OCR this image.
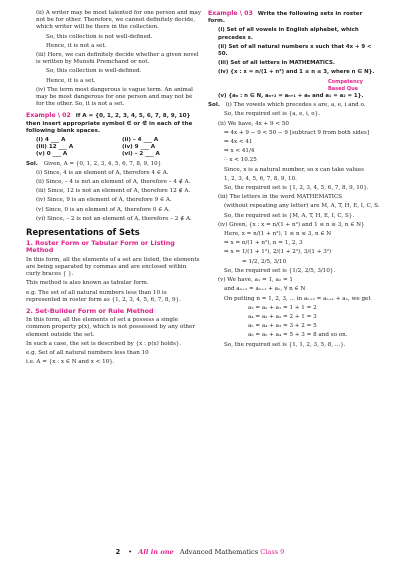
(ii) A writer may be most talented for one person and may not be for other. Therefore, we cannot definitely decide, which writer will be there in the collection.

So, this collection is not well-defined.

Hence, it is not a set.

(iii) Here, we can definitely decide whether a given novel is written by Munshi Premchand or not.

So, this collection is well-defined.

Hence, it is a set.

(iv) The term most dangerous is vague term. An animal may be most dangerous for one person and may not be for the other. So, it is not a set.

Example \ 02 If A = {0, 1, 2, 3, 4, 5, 6, 7, 8, 9, 10} then insert appropriate symbol ∈ or ∉ in each of the following blank spaces.

(i) 4 ___ A	(ii) – 4 ___ A
(iii) 12 ___ A	(iv) 9 ___ A
(v) 0 ___ A	(vi) – 2 ___ A

Sol. Given, A = {0, 1, 2, 3, 4, 5, 6, 7, 8, 9, 10}

(i) Since, 4 is an element of A, therefore 4 ∈ A.

(ii) Since, – 4 is not an element of A, therefore – 4 ∉ A.

(iii) Since, 12 is not an element of A, therefore 12 ∉ A.

(iv) Since, 9 is an element of A, therefore 9 ∈ A.

(v) Since, 0 is an element of A, therefore 0 ∈ A.

(vi) Since, – 2 is not an element of A, therefore – 2 ∉ A.

Representations of Sets
1. Roster Form or Tabular Form or Listing Method

In this form, all the elements of a set are listed, the elements are being separated by commas and are enclosed within curly braces { }.

This method is also known as tabular form.

e.g. The set of all natural numbers less than 10 is represented in roster form as {1, 2, 3, 4, 5, 6, 7, 8, 9}.

2. Set-Builder Form or Rule Method

In this form, all the elements of set a possess a single common property p(x), which is not possessed by any other element outside the set.

In such a case, the set is described by {x : p(x) holds}.

e.g. Set of all natural numbers less than 10

i.e. A = {x : x ∈ N and x < 10}.

Example \ 03 Write the following sets in roster form.

(i) Set of all vowels in English alphabet, which precedes s.

(ii) Set of all natural numbers x such that 4x + 9 < 50.

(iii) Set of all letters in MATHEMATICS.

(iv) {x : x = n/(1 + n²) and 1 ≤ n ≤ 3, where n ∈ N}.

Competency Based Que

(v) {aₙ : n ∈ N, aₙ₊₂ = aₙ₊₁ + aₙ and a₁ = a₂ = 1}.

Sol. (i) The vowels which precedes s are, a, e, i and o.

So, the required set is {a, e, i, o}.

(ii) We have, 4x + 9 < 50

⇒ 4x + 9 − 9 < 50 − 9 [subtract 9 from both sides]

⇒ 4x < 41

⇒ x < 41/4

∴ x < 10.25

Since, x is a natural number, so x can take values

1, 2, 3, 4, 5, 6, 7, 8, 9, 10.

So, the required set is {1, 2, 3, 4, 5, 6, 7, 8, 9, 10}.

(iii) The letters in the word MATHEMATICS

(without repeating any letter) are M, A, T, H, E, I, C, S.

So, the required set is {M, A, T, H, E, I, C, S}.

(iv) Given, {x : x = n/(1 + n²) and 1 ≤ n ≤ 3, n ∈ N}

Here, x = n/(1 + n²), 1 ≤ n ≤ 3, n ∈ N

⇒ x = n/(1 + n²), n = 1, 2, 3

⇒ x = 1/(1 + 1²), 2/(1 + 2²), 3/(1 + 3²)

= 1/2, 2/5, 3/10

So, the required set is {1/2, 2/5, 3/10}.

(v) We have, a₁ = 1, a₂ = 1

and aₙ₊₂ = aₙ₊₁ + aₙ, ∀ n ∈ N

On putting n = 1, 2, 3, ... in aₙ₊₂ = aₙ₊₁ + aₙ, we get

a₃ = a₂ + a₁ = 1 + 1 = 2

a₄ = a₃ + a₂ = 2 + 1 = 3

a₅ = a₄ + a₃ = 3 + 2 = 5

a₆ = a₅ + a₄ = 5 + 3 = 8 and so on.

So, the required set is {1, 1, 2, 3, 5, 8, ...}.

2 • All in one Advanced Mathematics Class 9
